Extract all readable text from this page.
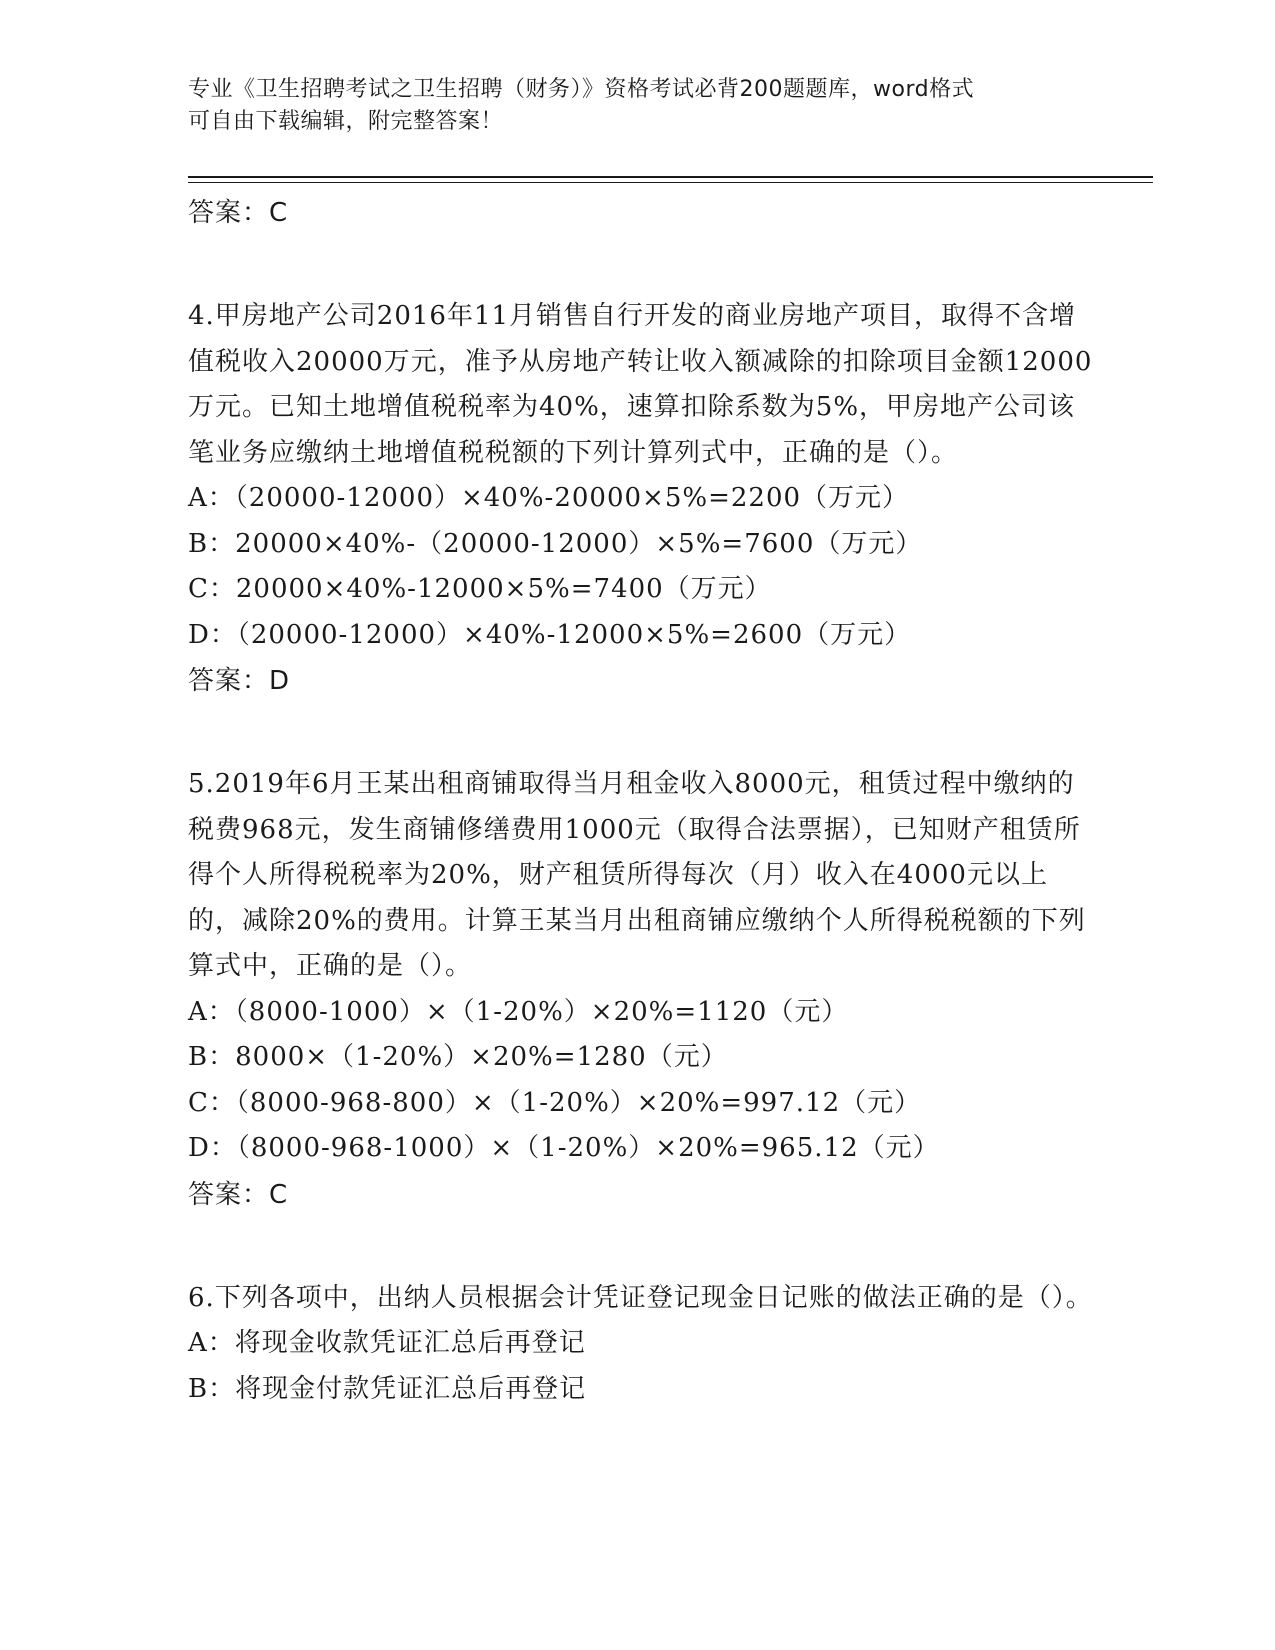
专业《卫生招聘考试之卫生招聘（财务）》资格考试必背200题题库，word格式
可自由下载编辑，附完整答案！
答案：C
4.甲房地产公司2016年11月销售自行开发的商业房地产项目，取得不含增值税收入20000万元，准予从房地产转让收入额减除的扣除项目金额12000万元。已知土地增值税税率为40%，速算扣除系数为5%，甲房地产公司该笔业务应缴纳土地增值税税额的下列计算列式中，正确的是（）。
A：（20000-12000）×40%-20000×5%=2200（万元）
B：20000×40%-（20000-12000）×5%=7600（万元）
C：20000×40%-12000×5%=7400（万元）
D：（20000-12000）×40%-12000×5%=2600（万元）
答案：D
5.2019年6月王某出租商铺取得当月租金收入8000元，租赁过程中缴纳的税费968元，发生商铺修缮费用1000元（取得合法票据），已知财产租赁所得个人所得税税率为20%，财产租赁所得每次（月）收入在4000元以上的，减除20%的费用。计算王某当月出租商铺应缴纳个人所得税税额的下列算式中，正确的是（）。
A：（8000-1000）×（1-20%）×20%=1120（元）
B：8000×（1-20%）×20%=1280（元）
C：（8000-968-800）×（1-20%）×20%=997.12（元）
D：（8000-968-1000）×（1-20%）×20%=965.12（元）
答案：C
6.下列各项中，出纳人员根据会计凭证登记现金日记账的做法正确的是（）。
A：将现金收款凭证汇总后再登记
B：将现金付款凭证汇总后再登记
